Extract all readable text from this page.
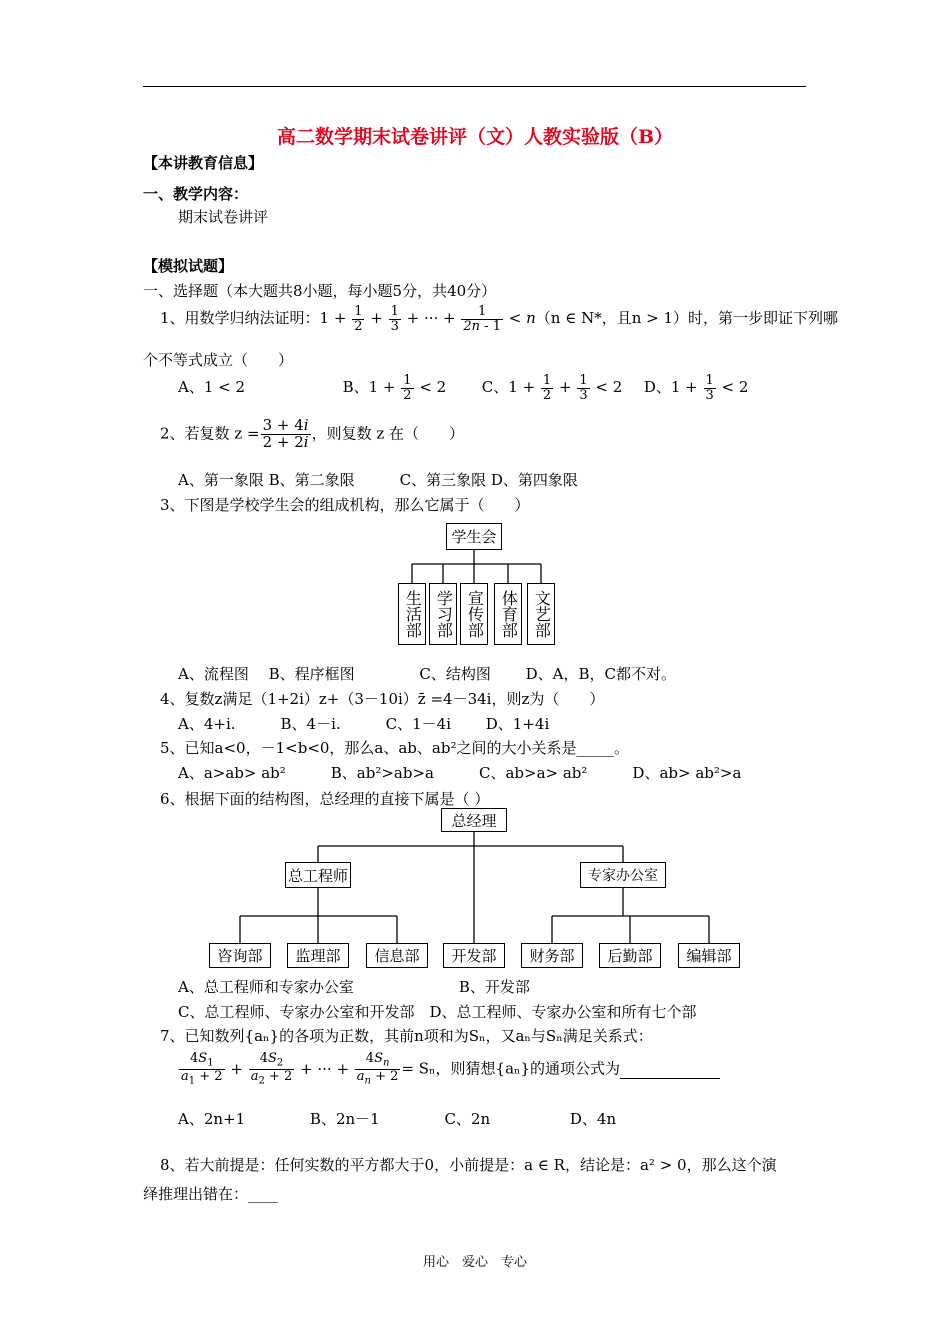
高二数学期末试卷讲评（文）人教实验版（B）
【本讲教育信息】
一、教学内容：
期末试卷讲评
【模拟试题】
一、选择题（本大题共8小题，每小题5分，共40分）
1、用数学归纳法证明：$1 + \frac{1}{2} + \frac{1}{3}$ + ··· + $\frac{1}{2n - 1} < n(n$ ∈ N*，且n > 1）时，第一步即证下列哪
个不等式成立（　　）
A、1 < 2	B、$1 + \frac{1}{2} < 2$ C、$1 + \frac{1}{2} + \frac{1}{3} < 2$ D、$1 + \frac{1}{3} < 2$
2、若复数 $z = \frac{3 + 4i}{2 + 2i}$ ，则复数 z 在（　　）
A、第一象限 B、第二象限　　　C、第三象限 D、第四象限
3、下图是学校学生会的组成机构，那么它属于（　　）
学生会
生活部 学习部 宣传部 体育部 文艺部
A、流程图　 B、程序框图　　　　 C、结构图　　 D、A，B，C都不对。
4、复数z满足（1+2i）z+（3－10i）z̄ =4－34i，则z为（　　）
A、4+i.　　　B、4－i.　　　C、1－4i　　 D、1+4i
5、已知a<0，－1<b<0，那么a、ab、ab²之间的大小关系是_____。
A、a>ab> ab²　　　B、ab²>ab>a　　　C、ab>a> ab²　　　D、ab> ab²>a
6、根据下面的结构图，总经理的直接下属是（ ）
总经理
总工程师	专家办公室
咨询部	监理部	信息部	开发部	财务部	后勤部	编辑部
A、总工程师和专家办公室　　　　　　　B、开发部
C、总工程师、专家办公室和开发部　D、总工程师、专家办公室和所有七个部
7、已知数列{aₙ}的各项为正数，其前n项和为Sₙ，又aₙ与Sₙ满足关系式：
$\frac{4S_1}{a_1 + 2} + \frac{4S_2}{a_2 + 2}$ + ··· + $\frac{4S_n}{a_n + 2} = S_n$，则猜想{aₙ}的通项公式为
A、2n+1　　　　 B、2n－1　　　　 C、2n　　　　　 D、4n
8、若大前提是：任何实数的平方都大于0，小前提是：a ∈ R，结论是：a² > 0，那么这个演
绎推理出错在：____
用心　爱心　专心
